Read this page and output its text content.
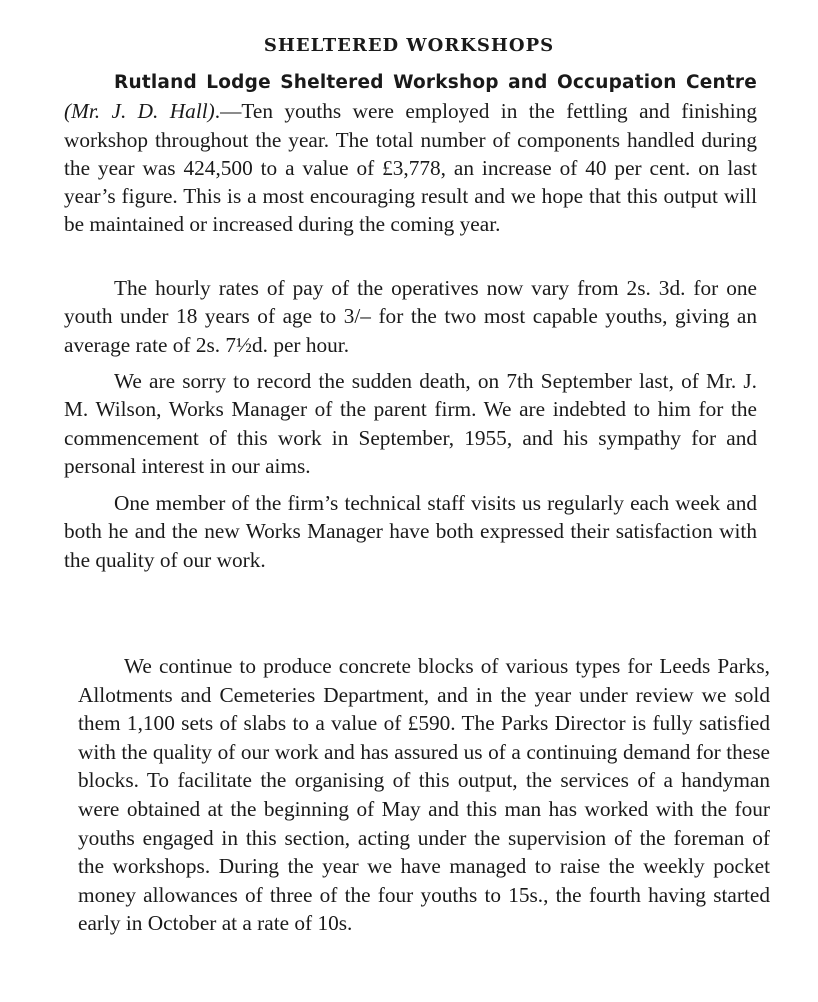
SHELTERED WORKSHOPS

Rutland Lodge Sheltered Workshop and Occupation Centre (Mr. J. D. Hall).—Ten youths were employed in the fettling and finishing workshop throughout the year. The total number of components handled during the year was 424,500 to a value of £3,778, an increase of 40 per cent. on last year’s figure. This is a most encouraging result and we hope that this output will be maintained or increased during the coming year.

The hourly rates of pay of the operatives now vary from 2s. 3d. for one youth under 18 years of age to 3/– for the two most capable youths, giving an average rate of 2s. 7½d. per hour.

We are sorry to record the sudden death, on 7th September last, of Mr. J. M. Wilson, Works Manager of the parent firm. We are indebted to him for the commencement of this work in September, 1955, and his sympathy for and personal interest in our aims.

One member of the firm’s technical staff visits us regularly each week and both he and the new Works Manager have both expressed their satisfaction with the quality of our work.

We continue to produce concrete blocks of various types for Leeds Parks, Allotments and Cemeteries Department, and in the year under review we sold them 1,100 sets of slabs to a value of £590. The Parks Director is fully satisfied with the quality of our work and has assured us of a continuing demand for these blocks. To facilitate the organising of this output, the services of a handyman were obtained at the beginning of May and this man has worked with the four youths engaged in this section, acting under the supervision of the foreman of the workshops. During the year we have managed to raise the weekly pocket money allowances of three of the four youths to 15s., the fourth having started early in October at a rate of 10s.
